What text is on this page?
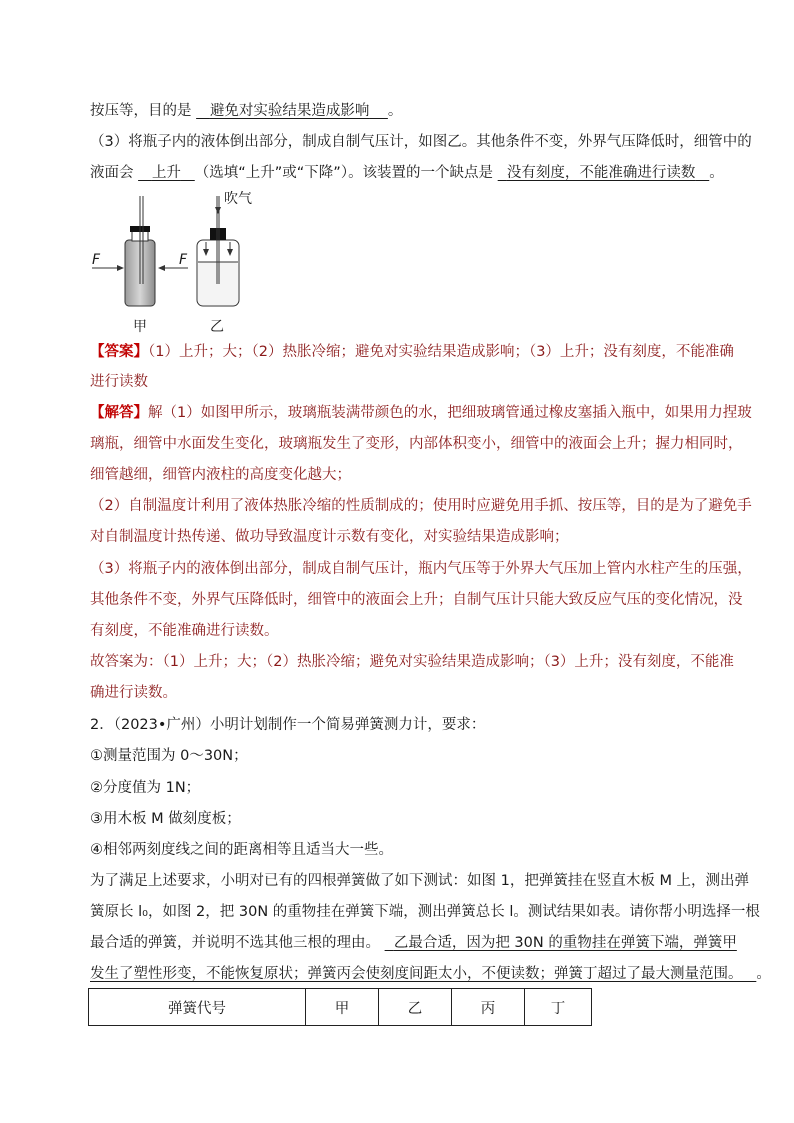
按压等，目的是 避免对实验结果造成影响 。
（3）将瓶子内的液体倒出部分，制成自制气压计，如图乙。其他条件不变，外界气压降低时，细管中的
液面会 上升 （选填“上升”或“下降”）。该装置的一个缺点是 没有刻度，不能准确进行读数 。
F	F
吹气
甲	乙
【答案】（1）上升；大；（2）热胀冷缩；避免对实验结果造成影响；（3）上升；没有刻度，不能准确
进行读数
【解答】解（1）如图甲所示，玻璃瓶装满带颜色的水，把细玻璃管通过橡皮塞插入瓶中，如果用力捏玻
璃瓶，细管中水面发生变化，玻璃瓶发生了变形，内部体积变小，细管中的液面会上升；握力相同时，
细管越细，细管内液柱的高度变化越大；
（2）自制温度计利用了液体热胀冷缩的性质制成的；使用时应避免用手抓、按压等，目的是为了避免手
对自制温度计热传递、做功导致温度计示数有变化，对实验结果造成影响；
（3）将瓶子内的液体倒出部分，制成自制气压计，瓶内气压等于外界大气压加上管内水柱产生的压强，
其他条件不变，外界气压降低时，细管中的液面会上升；自制气压计只能大致反应气压的变化情况，没
有刻度，不能准确进行读数。
故答案为：（1）上升；大；（2）热胀冷缩；避免对实验结果造成影响；（3）上升；没有刻度，不能准
确进行读数。
2．（2023•广州）小明计划制作一个简易弹簧测力计，要求：
①测量范围为 0～30N；
②分度值为 1N；
③用木板 M 做刻度板；
④相邻两刻度线之间的距离相等且适当大一些。
为了满足上述要求，小明对已有的四根弹簧做了如下测试：如图 1，把弹簧挂在竖直木板 M 上，测出弹
簧原长 l₀，如图 2，把 30N 的重物挂在弹簧下端，测出弹簧总长 l。测试结果如表。请你帮小明选择一根
最合适的弹簧，并说明不选其他三根的理由。 乙最合适，因为把 30N 的重物挂在弹簧下端，弹簧甲
发生了塑性形变，不能恢复原状；弹簧丙会使刻度间距太小，不便读数；弹簧丁超过了最大测量范围。 。
弹簧代号	甲	乙	丙	丁
